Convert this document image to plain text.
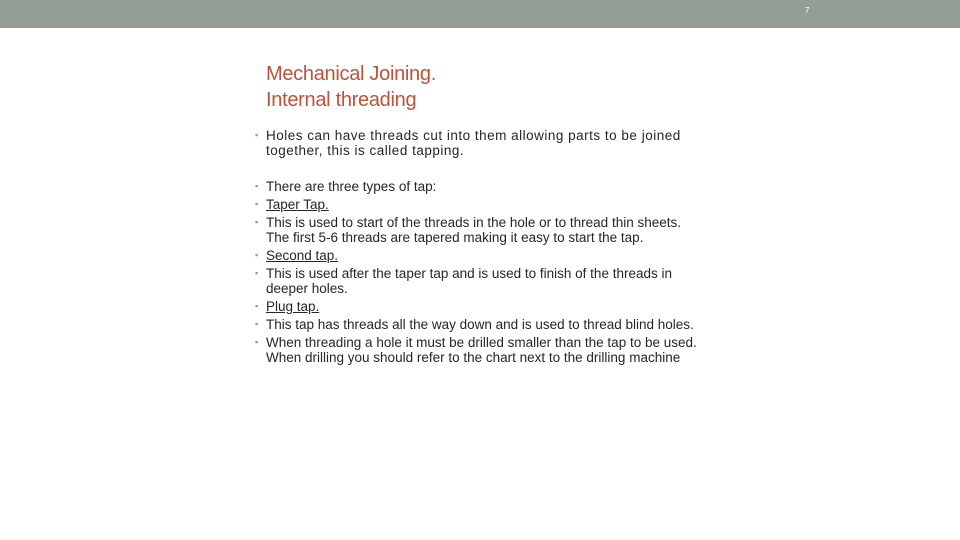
7
Mechanical Joining.
Internal threading
▪ Holes can have threads cut into them allowing parts to be joined together, this is called tapping.
▪ There are three types of tap:
▪ Taper Tap.
▪ This is used to start of the threads in the hole or to thread thin sheets. The first 5-6 threads are tapered making it easy to start the tap.
▪ Second tap.
▪ This is used after the taper tap and is used to finish of the threads in deeper holes.
▪ Plug tap.
▪ This tap has threads all the way down and is used to thread blind holes.
▪ When threading a hole it must be drilled smaller than the tap to be used. When drilling you should refer to the chart next to the drilling machine
